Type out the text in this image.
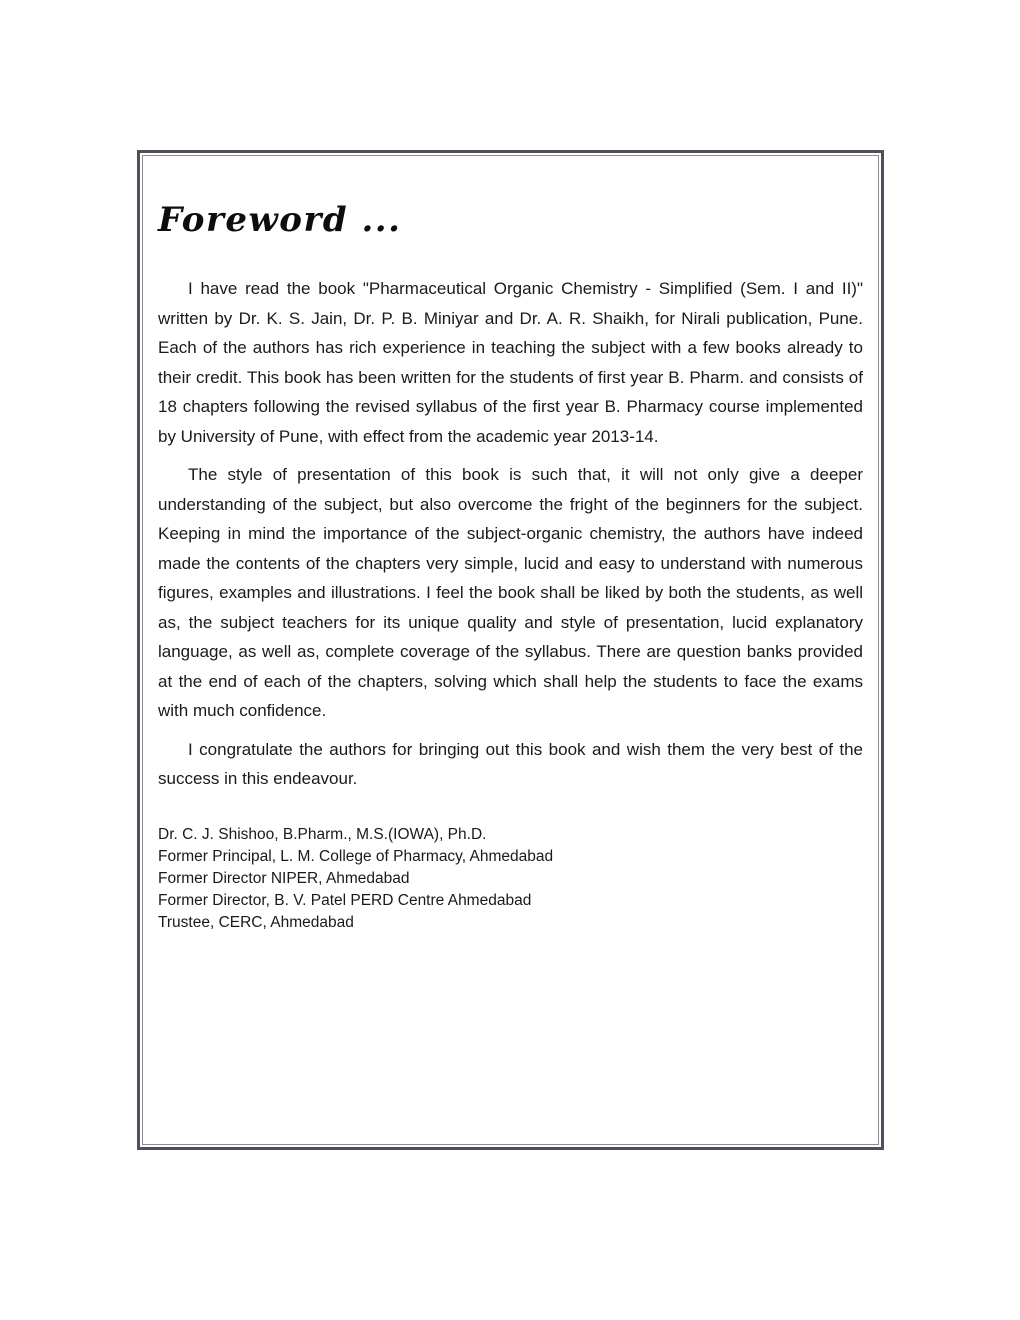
Foreword ...

I have read the book "Pharmaceutical Organic Chemistry - Simplified (Sem. I and II)" written by Dr. K. S. Jain, Dr. P. B. Miniyar and Dr. A. R. Shaikh, for Nirali publication, Pune. Each of the authors has rich experience in teaching the subject with a few books already to their credit. This book has been written for the students of first year B. Pharm. and consists of 18 chapters following the revised syllabus of the first year B. Pharmacy course implemented by University of Pune, with effect from the academic year 2013-14.

The style of presentation of this book is such that, it will not only give a deeper understanding of the subject, but also overcome the fright of the beginners for the subject. Keeping in mind the importance of the subject-organic chemistry, the authors have indeed made the contents of the chapters very simple, lucid and easy to understand with numerous figures, examples and illustrations. I feel the book shall be liked by both the students, as well as, the subject teachers for its unique quality and style of presentation, lucid explanatory language, as well as, complete coverage of the syllabus. There are question banks provided at the end of each of the chapters, solving which shall help the students to face the exams with much confidence.

I congratulate the authors for bringing out this book and wish them the very best of the success in this endeavour.

Dr. C. J. Shishoo, B.Pharm., M.S.(IOWA), Ph.D.
Former Principal, L. M. College of Pharmacy, Ahmedabad
Former Director NIPER, Ahmedabad
Former Director, B. V. Patel PERD Centre Ahmedabad
Trustee, CERC, Ahmedabad
